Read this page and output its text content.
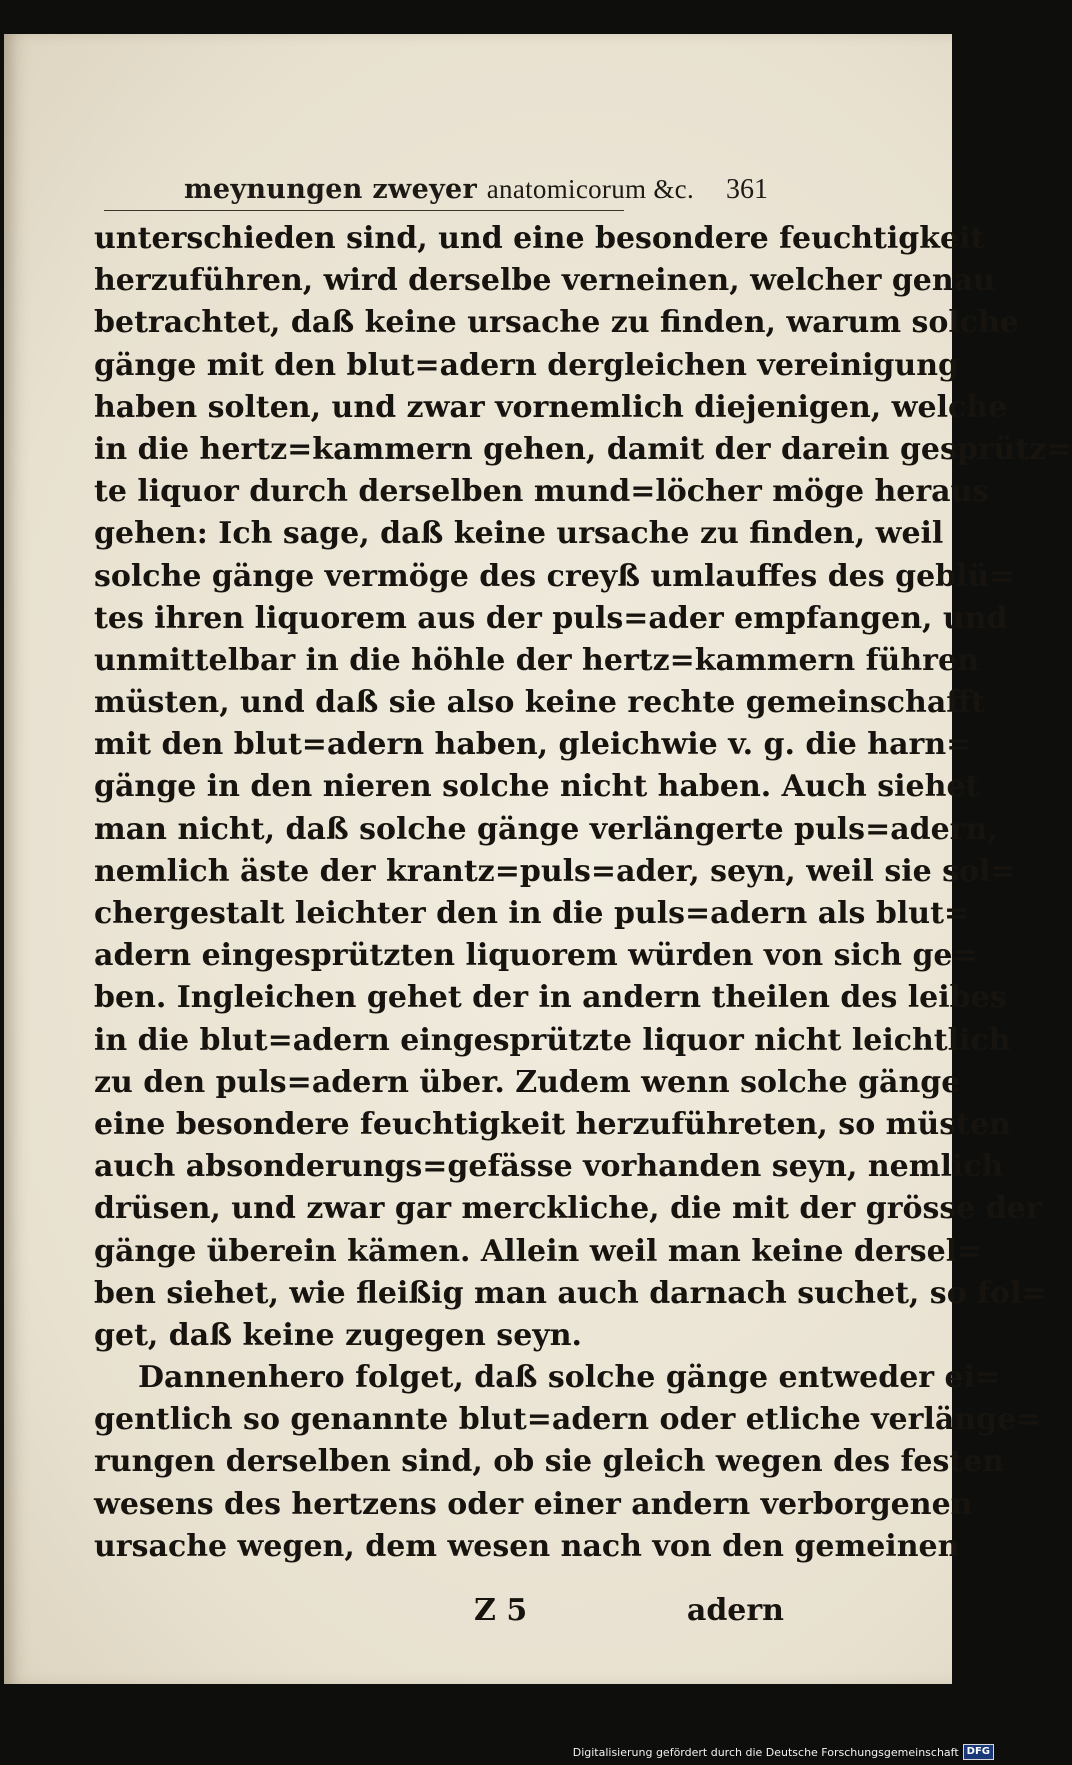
meynungen zweyer anatomicorum &c. 361
unterschieden sind, und eine besondere feuchtigkeit
herzuführen, wird derselbe verneinen, welcher genau
betrachtet, daß keine ursache zu finden, warum solche
gänge mit den blut=adern dergleichen vereinigung
haben solten, und zwar vornemlich diejenigen, welche
in die hertz=kammern gehen, damit der darein gesprütz=
te liquor durch derselben mund=löcher möge heraus
gehen: Ich sage, daß keine ursache zu finden, weil
solche gänge vermöge des creyß umlauffes des geblü=
tes ihren liquorem aus der puls=ader empfangen, und
unmittelbar in die höhle der hertz=kammern führen
müsten, und daß sie also keine rechte gemeinschafft
mit den blut=adern haben, gleichwie v. g. die harn=
gänge in den nieren solche nicht haben. Auch siehet
man nicht, daß solche gänge verlängerte puls=adern,
nemlich äste der krantz=puls=ader, seyn, weil sie sol=
chergestalt leichter den in die puls=adern als blut=
adern eingesprützten liquorem würden von sich ge=
ben. Ingleichen gehet der in andern theilen des leibes
in die blut=adern eingesprützte liquor nicht leichtlich
zu den puls=adern über. Zudem wenn solche gänge
eine besondere feuchtigkeit herzuführeten, so müsten
auch absonderungs=gefässe vorhanden seyn, nemlich
drüsen, und zwar gar merckliche, die mit der grösse der
gänge überein kämen. Allein weil man keine dersel=
ben siehet, wie fleißig man auch darnach suchet, so fol=
get, daß keine zugegen seyn.
Dannenhero folget, daß solche gänge entweder ei=
gentlich so genannte blut=adern oder etliche verlänge=
rungen derselben sind, ob sie gleich wegen des festen
wesens des hertzens oder einer andern verborgenen
ursache wegen, dem wesen nach von den gemeinen
Z 5	adern
Digitalisierung gefördert durch die Deutsche Forschungsgemeinschaft DFG
